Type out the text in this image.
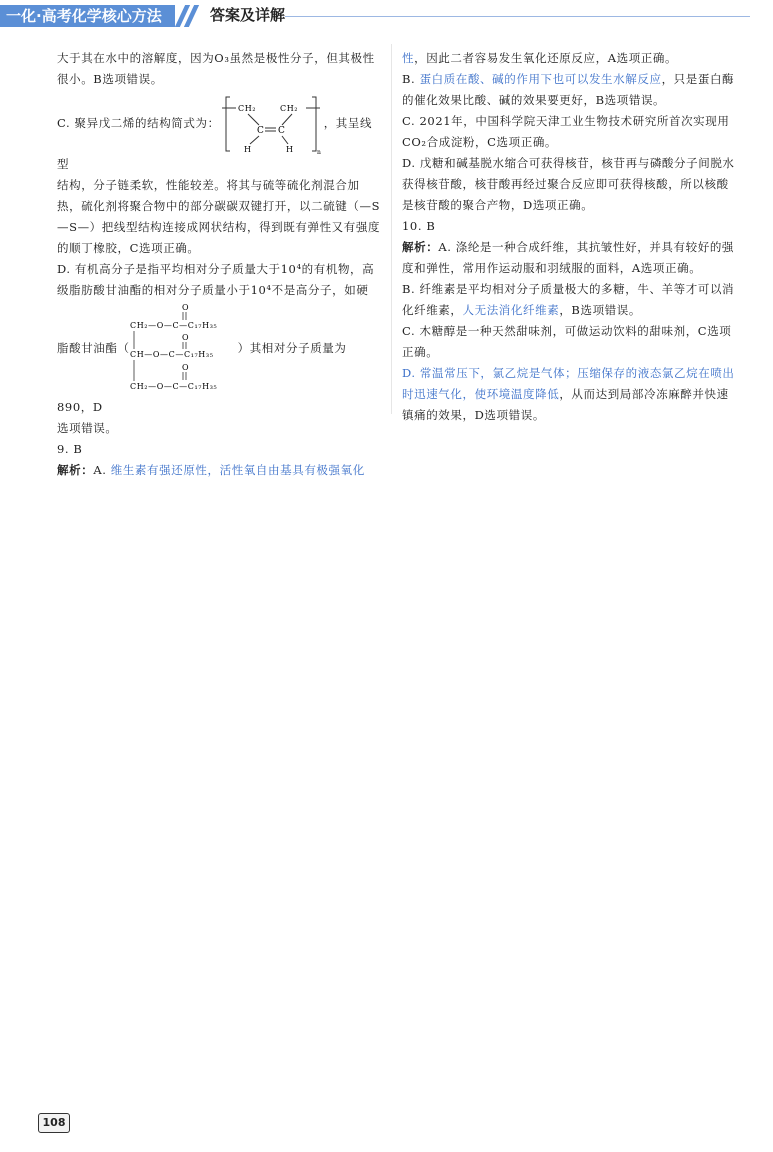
一化·高考化学核心方法	答案及详解

大于其在水中的溶解度，因为O₃虽然是极性分子，但其极性很小。B选项错误。

C. 聚异戊二烯的结构简式为：
CH₂	CH₂
C C
H	H	n
，其呈线型

结构，分子链柔软，性能较差。将其与硫等硫化剂混合加热，硫化剂将聚合物中的部分碳碳双键打开，以二硫键（—S—S—）把线型结构连接成网状结构，得到既有弹性又有强度的顺丁橡胶，C选项正确。

D. 有机高分子是指平均相对分子质量大于10⁴的有机物，高级脂肪酸甘油酯的相对分子质量小于10⁴不是高分子，如硬

脂酸甘油酯（
O
CH₂—O—C—C₁₇H₃₅
O
CH—O—C—C₁₇H₃₅
O
CH₂—O—C—C₁₇H₃₅
）其相对分子质量为890，D

选项错误。

9. B

解析：A. 维生素有强还原性，活性氧自由基具有极强氧化

性，因此二者容易发生氧化还原反应，A选项正确。

B. 蛋白质在酸、碱的作用下也可以发生水解反应，只是蛋白酶的催化效果比酸、碱的效果要更好，B选项错误。

C. 2021年，中国科学院天津工业生物技术研究所首次实现用CO₂合成淀粉，C选项正确。

D. 戊糖和碱基脱水缩合可获得核苷，核苷再与磷酸分子间脱水获得核苷酸，核苷酸再经过聚合反应即可获得核酸，所以核酸是核苷酸的聚合产物，D选项正确。

10. B

解析：A. 涤纶是一种合成纤维，其抗皱性好，并具有较好的强度和弹性，常用作运动服和羽绒服的面料，A选项正确。

B. 纤维素是平均相对分子质量极大的多糖，牛、羊等才可以消化纤维素，人无法消化纤维素，B选项错误。

C. 木糖醇是一种天然甜味剂，可做运动饮料的甜味剂，C选项正确。

D. 常温常压下，氯乙烷是气体；压缩保存的液态氯乙烷在喷出时迅速气化，使环境温度降低，从而达到局部冷冻麻醉并快速镇痛的效果，D选项错误。

108
